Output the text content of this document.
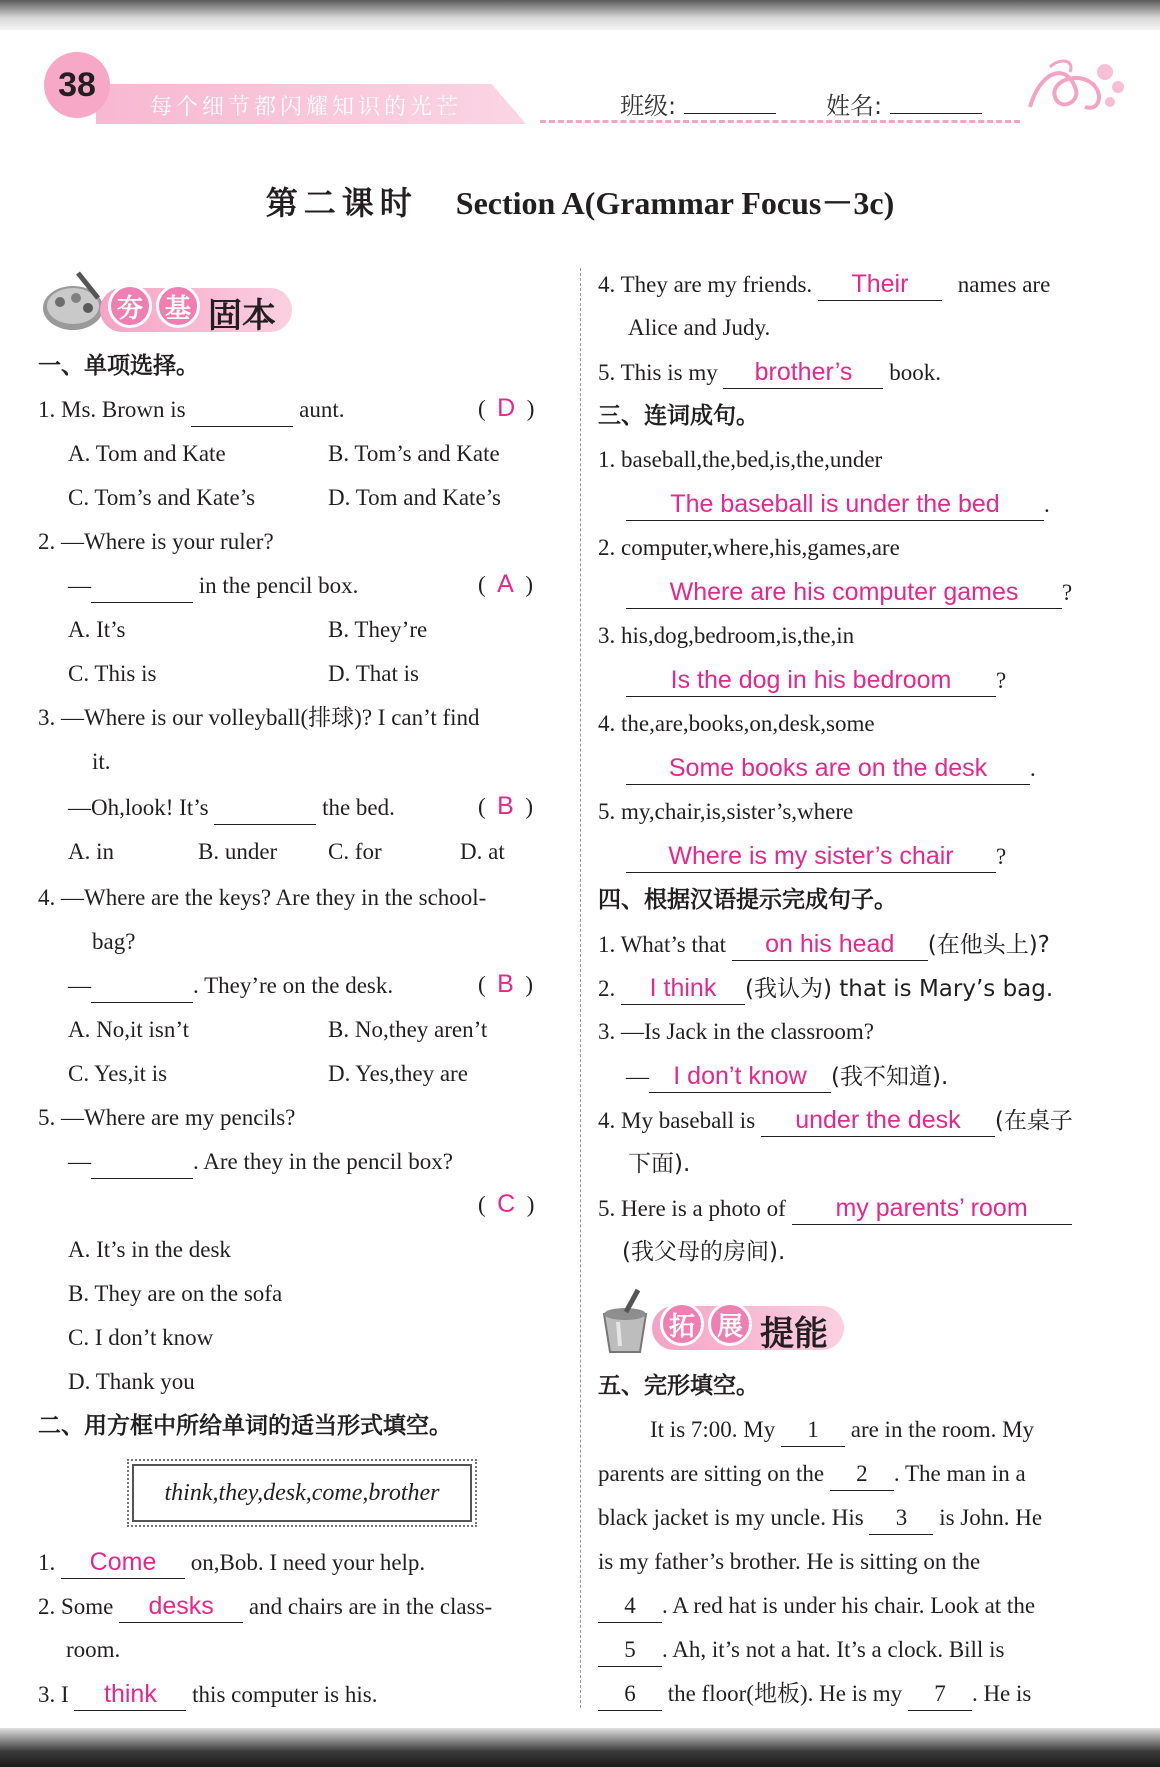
38
每个细节都闪耀知识的光芒	班级:	姓名:
第二课时 Section A(Grammar Focus－3c)
夯 基 固本
一、单项选择。
1. Ms. Brown is	aunt.	(  D  )
A. Tom and Kate	B. Tom’s and Kate
C. Tom’s and Kate’s	D. Tom and Kate’s
2. —Where is your ruler?
—	in the pencil box.	(  A  )
A. It’s	B. They’re
C. This is	D. That is
3. —Where is our volleyball(排球)? I can’t find
it.
—Oh,look! It’s	the bed.	(  B  )
A. in	B. under C. for	D. at
4. —Where are the keys? Are they in the school-
bag?
—	. They’re on the desk.	(  B  )
A. No,it isn’t	B. No,they aren’t
C. Yes,it is	D. Yes,they are
5. —Where are my pencils?
—	. Are they in the pencil box?
(  C  )
A. It’s in the desk
B. They are on the sofa
C. I don’t know
D. Thank you
二、用方框中所给单词的适当形式填空。
think,they,desk,come,brother
1. Come on,Bob. I need your help.
2. Some desks and chairs are in the class-
room.
3. I think this computer is his.
4. They are my friends. Their names are
Alice and Judy.
5. This is my brother’s book.
三、连词成句。
1. baseball,the,bed,is,the,under
The baseball is under the bed .
2. computer,where,his,games,are
Where are his computer games ?
3. his,dog,bedroom,is,the,in
Is the dog in his bedroom ?
4. the,are,books,on,desk,some
Some books are on the desk .
5. my,chair,is,sister’s,where
Where is my sister’s chair ?
四、根据汉语提示完成句子。
1. What’s that on his head (在他头上)?
2. I think (我认为) that is Mary’s bag.
3. —Is Jack in the classroom?
— I don’t know (我不知道).
4. My baseball is under the desk (在桌子
下面).
5. Here is a photo of my parents’ room
(我父母的房间).
拓 展 提能
五、完形填空。
It is 7:00. My 1 are in the room. My
parents are sitting on the 2 . The man in a
black jacket is my uncle. His 3 is John. He
is my father’s brother. He is sitting on the
4 . A red hat is under his chair. Look at the
5 . Ah, it’s not a hat. It’s a clock. Bill is
6 the floor(地板). He is my 7 . He is
